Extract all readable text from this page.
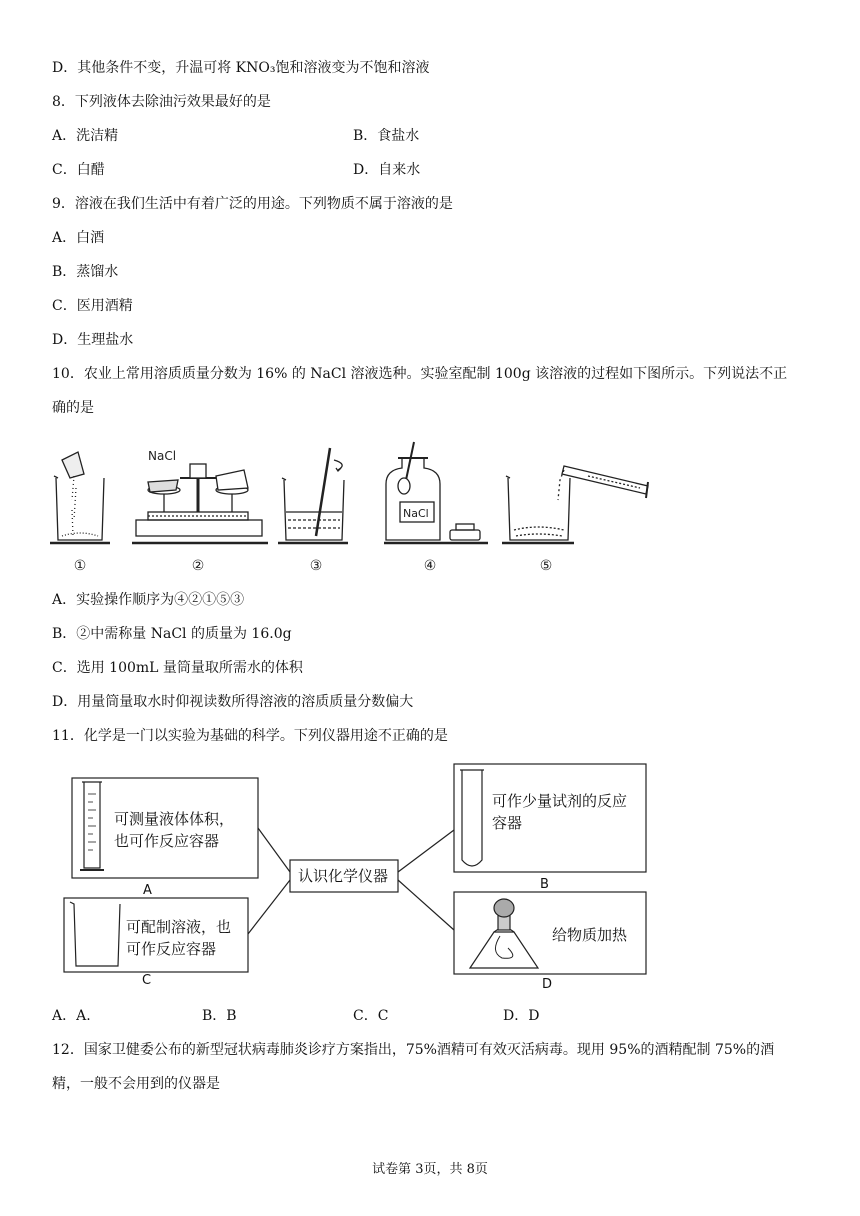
D．其他条件不变，升温可将 KNO₃饱和溶液变为不饱和溶液
8．下列液体去除油污效果最好的是
A．洗洁精	B．食盐水
C．白醋	D．自来水
9．溶液在我们生活中有着广泛的用途。下列物质不属于溶液的是
A．白酒
B．蒸馏水
C．医用酒精
D．生理盐水
10．农业上常用溶质质量分数为 16% 的 NaCl 溶液选种。实验室配制 100g 该溶液的过程如下图所示。下列说法不正
确的是
NaCl
NaCl
①	②	③	④	⑤
A．实验操作顺序为④②①⑤③
B．②中需称量 NaCl 的质量为 16.0g
C．选用 100mL 量筒量取所需水的体积
D．用量筒量取水时仰视读数所得溶液的溶质质量分数偏大
11．化学是一门以实验为基础的科学。下列仪器用途不正确的是
可测量液体体积，
也可作反应容器
A
可作少量试剂的反应
容器
B
可配制溶液，也
可作反应容器
C
给物质加热
D
认识化学仪器
A．A.	B．B	C．C	D．D
12．国家卫健委公布的新型冠状病毒肺炎诊疗方案指出，75%酒精可有效灭活病毒。现用 95%的酒精配制 75%的酒
精，一般不会用到的仪器是
试卷第 3页，共 8页
